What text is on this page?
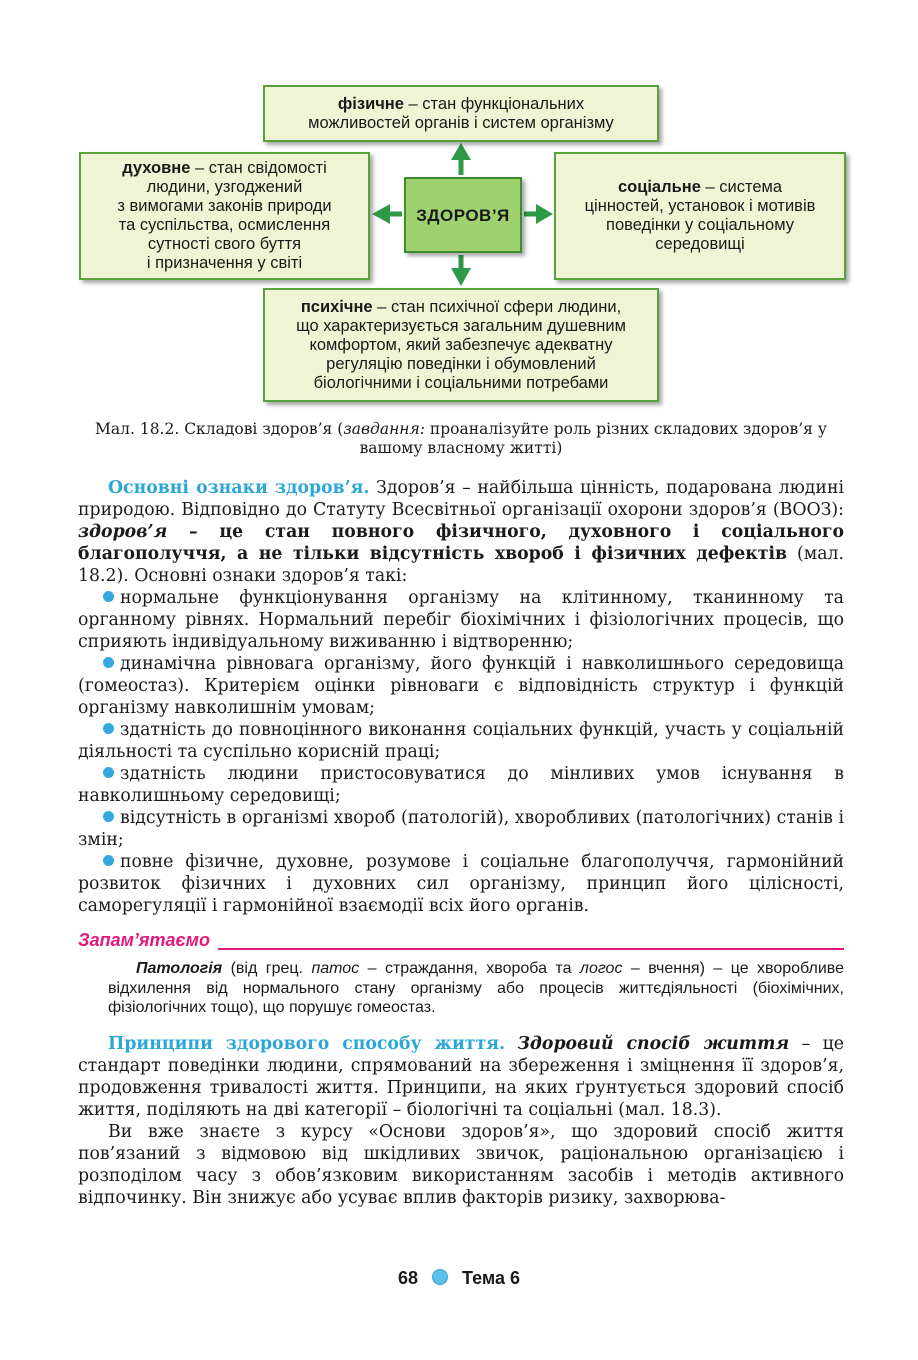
фізичне – стан функціональних
можливостей органів і систем організму
духовне – стан свідомості
людини, узгоджений
з вимогами законів природи
та суспільства, осмислення
сутності свого буття
і призначення у світі
ЗДОРОВ’Я
соціальне – система
цінностей, установок і мотивів
поведінки у соціальному
середовищі
психічне – стан психічної сфери людини,
що характеризується загальним душевним
комфортом, який забезпечує адекватну
регуляцію поведінки і обумовлений
біологічними і соціальними потребами
Мал. 18.2. Складові здоров’я (завдання: проаналізуйте роль різних складових здоров’я у вашому власному житті)

Основні ознаки здоров’я. Здоров’я – найбільша цінність, подарована людині природою. Відповідно до Статуту Всесвітньої організації охорони здоров’я (ВООЗ): здоров’я – це стан повного фізичного, духовного і соціального благополуччя, а не тільки відсутність хвороб і фізичних дефектів (мал. 18.2). Основні ознаки здоров’я такі:

нормальне функціонування організму на клітинному, тканинному та органному рівнях. Нормальний перебіг біохімічних і фізіологічних процесів, що сприяють індивідуальному виживанню і відтворенню;
динамічна рівновага організму, його функцій і навколишнього середовища (гомеостаз). Критерієм оцінки рівноваги є відповідність структур і функцій організму навколишнім умовам;
здатність до повноцінного виконання соціальних функцій, участь у соціальній діяльності та суспільно корисній праці;
здатність людини пристосовуватися до мінливих умов існування в навколишньому середовищі;
відсутність в організмі хвороб (патологій), хворобливих (патологічних) станів і змін;
повне фізичне, духовне, розумове і соціальне благополуччя, гармонійний розвиток фізичних і духовних сил організму, принцип його цілісності, саморегуляції і гармонійної взаємодії всіх його органів.
Запам’ятаємо

Патологія (від грец. патос – страждання, хвороба та логос – вчення) – це хворобливе відхилення від нормального стану організму або процесів життєдіяльності (біохімічних, фізіологічних тощо), що порушує гомеостаз.

Принципи здорового способу життя. Здоровий спосіб життя – це стандарт поведінки людини, спрямований на збереження і зміцнення її здоров’я, продовження тривалості життя. Принципи, на яких ґрунтується здоровий спосіб життя, поділяють на дві категорії – біологічні та соціальні (мал. 18.3).

Ви вже знаєте з курсу «Основи здоров’я», що здоровий спосіб життя пов’язаний з відмовою від шкідливих звичок, раціональною організацією і розподілом часу з обов’язковим використанням засобів і методів активного відпочинку. Він знижує або усуває вплив факторів ризику, захворюва-

68 Тема 6
